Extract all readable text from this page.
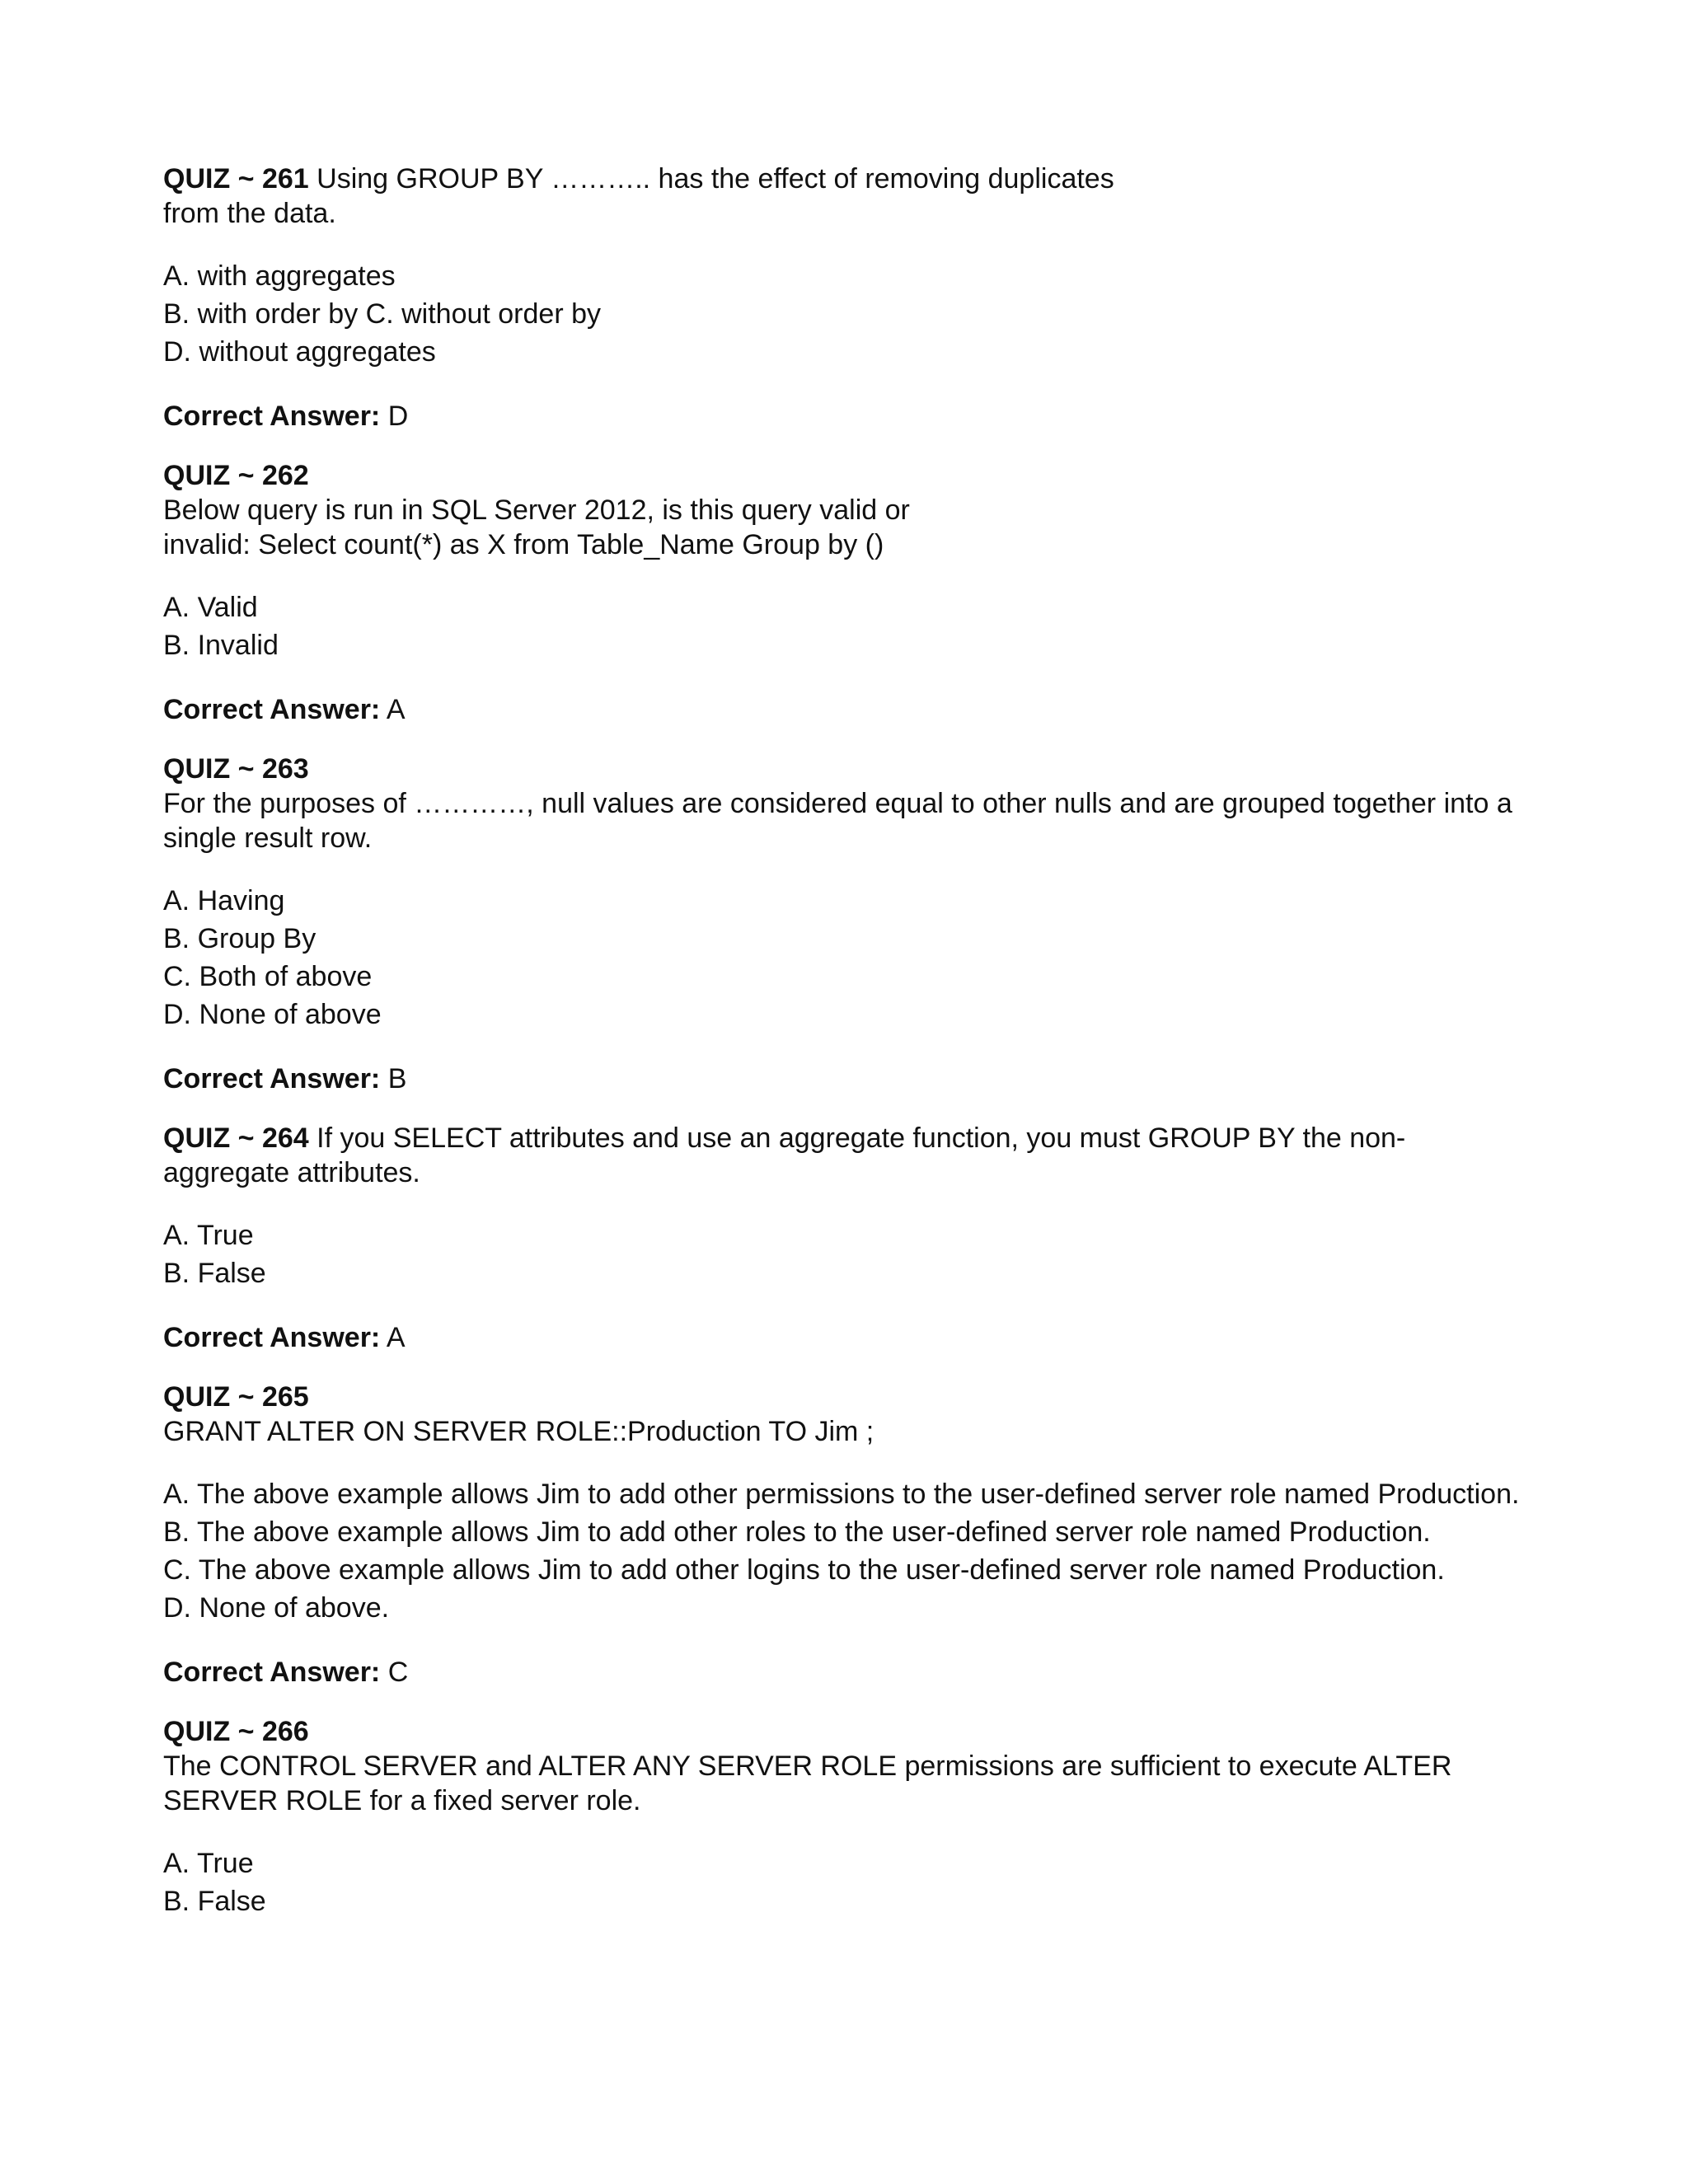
QUIZ ~ 261 Using GROUP BY ……….. has the effect of removing duplicates
from the data.
A. with aggregates
B. with order by C. without order by
D. without aggregates
Correct Answer: D
QUIZ ~ 262
Below query is run in SQL Server 2012, is this query valid or
invalid: Select count(*) as X from Table_Name Group by ()
A. Valid
B. Invalid
Correct Answer: A
QUIZ ~ 263
For the purposes of …………, null values are considered equal to other nulls and are grouped together into a
single result row.
A. Having
B. Group By
C. Both of above
D. None of above
Correct Answer: B
QUIZ ~ 264 If you SELECT attributes and use an aggregate function, you must GROUP BY the non-
aggregate attributes.
A. True
B. False
Correct Answer: A
QUIZ ~ 265
GRANT ALTER ON SERVER ROLE::Production TO Jim ;
A. The above example allows Jim to add other permissions to the user-defined server role named Production.
B. The above example allows Jim to add other roles to the user-defined server role named Production.
C. The above example allows Jim to add other logins to the user-defined server role named Production.
D. None of above.
Correct Answer: C
QUIZ ~ 266
The CONTROL SERVER and ALTER ANY SERVER ROLE permissions are sufficient to execute ALTER
SERVER ROLE for a fixed server role.
A. True
B. False
